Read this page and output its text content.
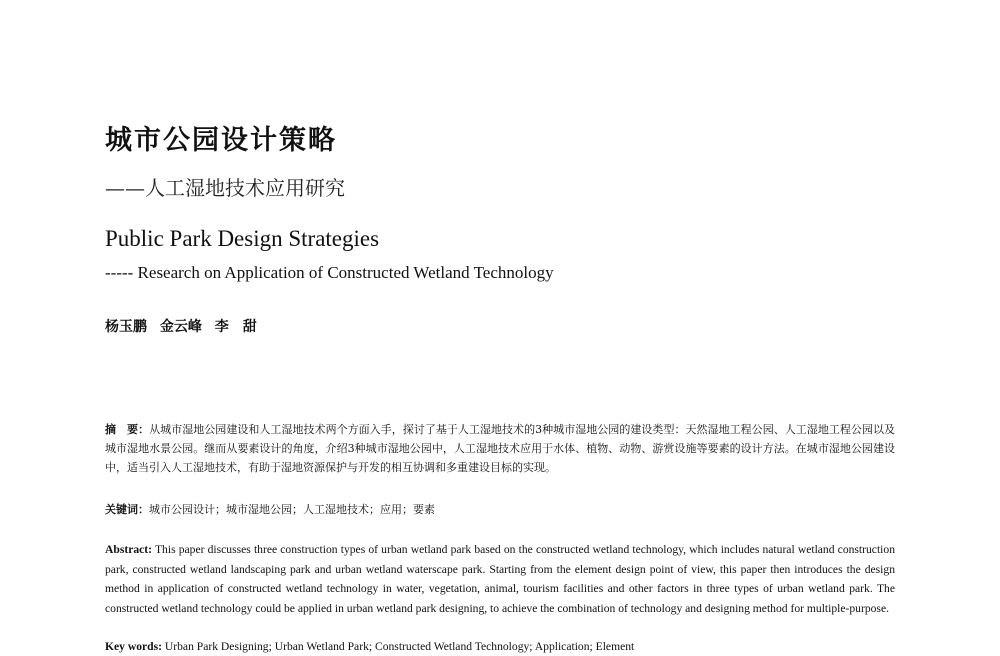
城市公园设计策略
——人工湿地技术应用研究
Public Park Design Strategies
----- Research on Application of Constructed Wetland Technology
杨玉鹏 金云峰 李　甜
摘　要：从城市湿地公园建设和人工湿地技术两个方面入手，探讨了基于人工湿地技术的3种城市湿地公园的建设类型：天然湿地工程公园、人工湿地工程公园以及城市湿地水景公园。继而从要素设计的角度，介绍3种城市湿地公园中，人工湿地技术应用于水体、植物、动物、游赏设施等要素的设计方法。在城市湿地公园建设中，适当引入人工湿地技术，有助于湿地资源保护与开发的相互协调和多重建设目标的实现。
关键词：城市公园设计；城市湿地公园；人工湿地技术；应用；要素
Abstract: This paper discusses three construction types of urban wetland park based on the constructed wetland technology, which includes natural wetland construction park, constructed wetland landscaping park and urban wetland waterscape park. Starting from the element design point of view, this paper then introduces the design method in application of constructed wetland technology in water, vegetation, animal, tourism facilities and other factors in three types of urban wetland park. The constructed wetland technology could be applied in urban wetland park designing, to achieve the combination of technology and designing method for multiple-purpose.
Key words: Urban Park Designing; Urban Wetland Park; Constructed Wetland Technology; Application; Element
